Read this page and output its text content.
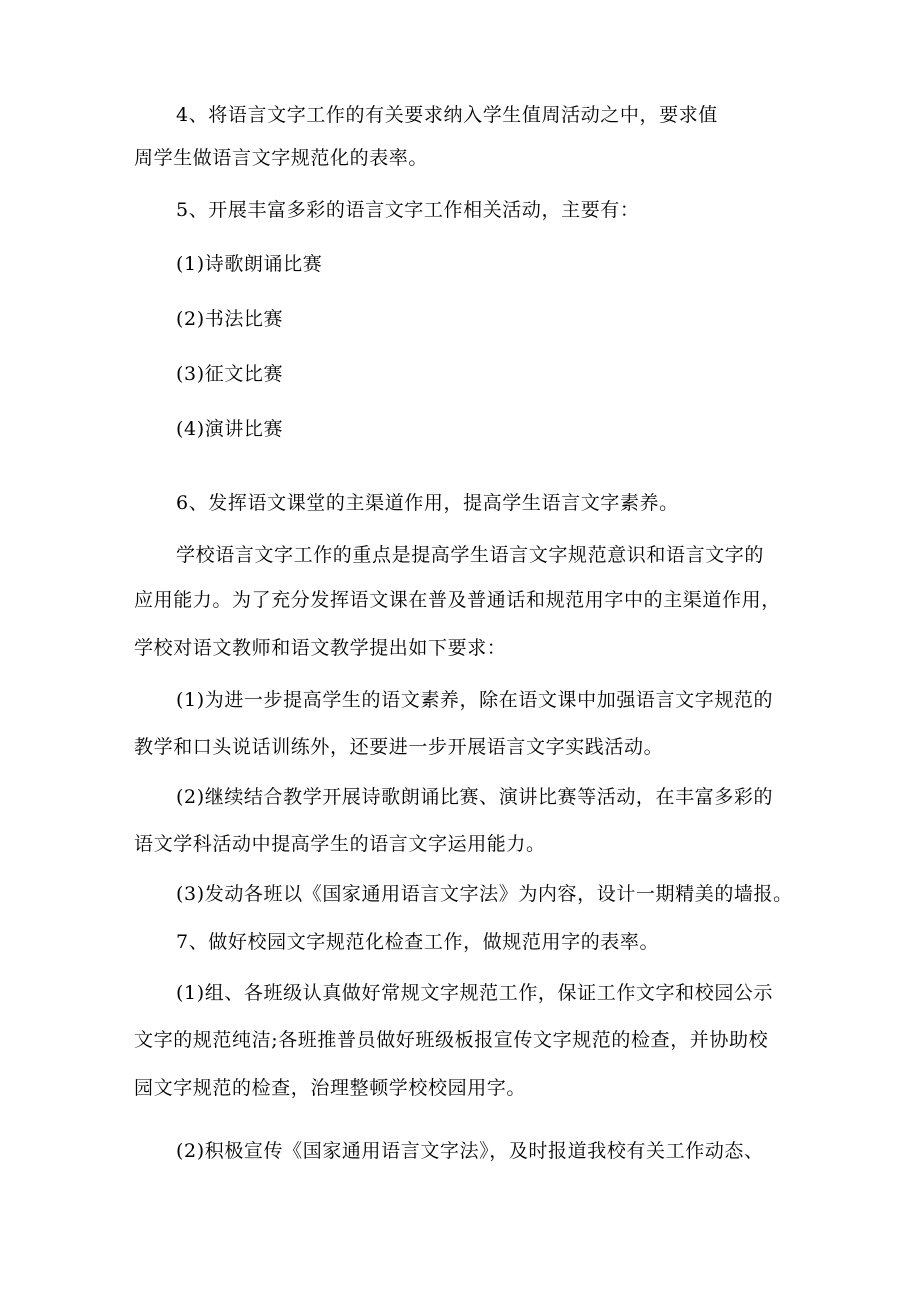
4、将语言文字工作的有关要求纳入学生值周活动之中，要求值
周学生做语言文字规范化的表率。
5、开展丰富多彩的语言文字工作相关活动，主要有：
(1)诗歌朗诵比赛
(2)书法比赛
(3)征文比赛
(4)演讲比赛
6、发挥语文课堂的主渠道作用，提高学生语言文字素养。
学校语言文字工作的重点是提高学生语言文字规范意识和语言文字的
应用能力。为了充分发挥语文课在普及普通话和规范用字中的主渠道作用，
学校对语文教师和语文教学提出如下要求：
(1)为进一步提高学生的语文素养，除在语文课中加强语言文字规范的
教学和口头说话训练外，还要进一步开展语言文字实践活动。
(2)继续结合教学开展诗歌朗诵比赛、演讲比赛等活动，在丰富多彩的
语文学科活动中提高学生的语言文字运用能力。
(3)发动各班以《国家通用语言文字法》为内容，设计一期精美的墙报。
7、做好校园文字规范化检查工作，做规范用字的表率。
(1)组、各班级认真做好常规文字规范工作，保证工作文字和校园公示
文字的规范纯洁;各班推普员做好班级板报宣传文字规范的检查，并协助校
园文字规范的检查，治理整顿学校校园用字。
(2)积极宣传《国家通用语言文字法》，及时报道我校有关工作动态、
